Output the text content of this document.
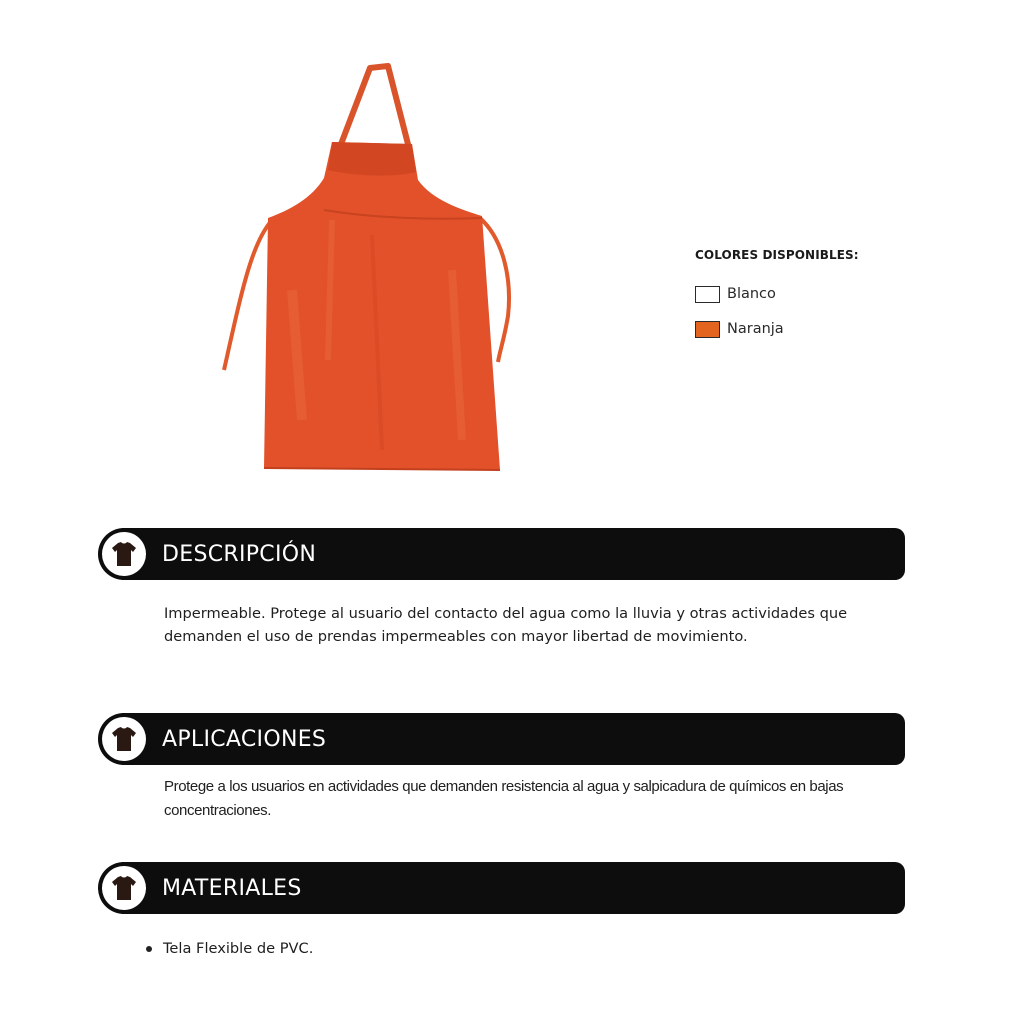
COLORES DISPONIBLES:
Blanco
Naranja
DESCRIPCIÓN
Impermeable. Protege al usuario del contacto del agua como la lluvia y otras actividades que
demanden el uso de prendas impermeables con mayor libertad de movimiento.
APLICACIONES
Protege a los usuarios en actividades que demanden resistencia al agua y salpicadura de químicos en bajas
concentraciones.
MATERIALES
Tela Flexible de PVC.
